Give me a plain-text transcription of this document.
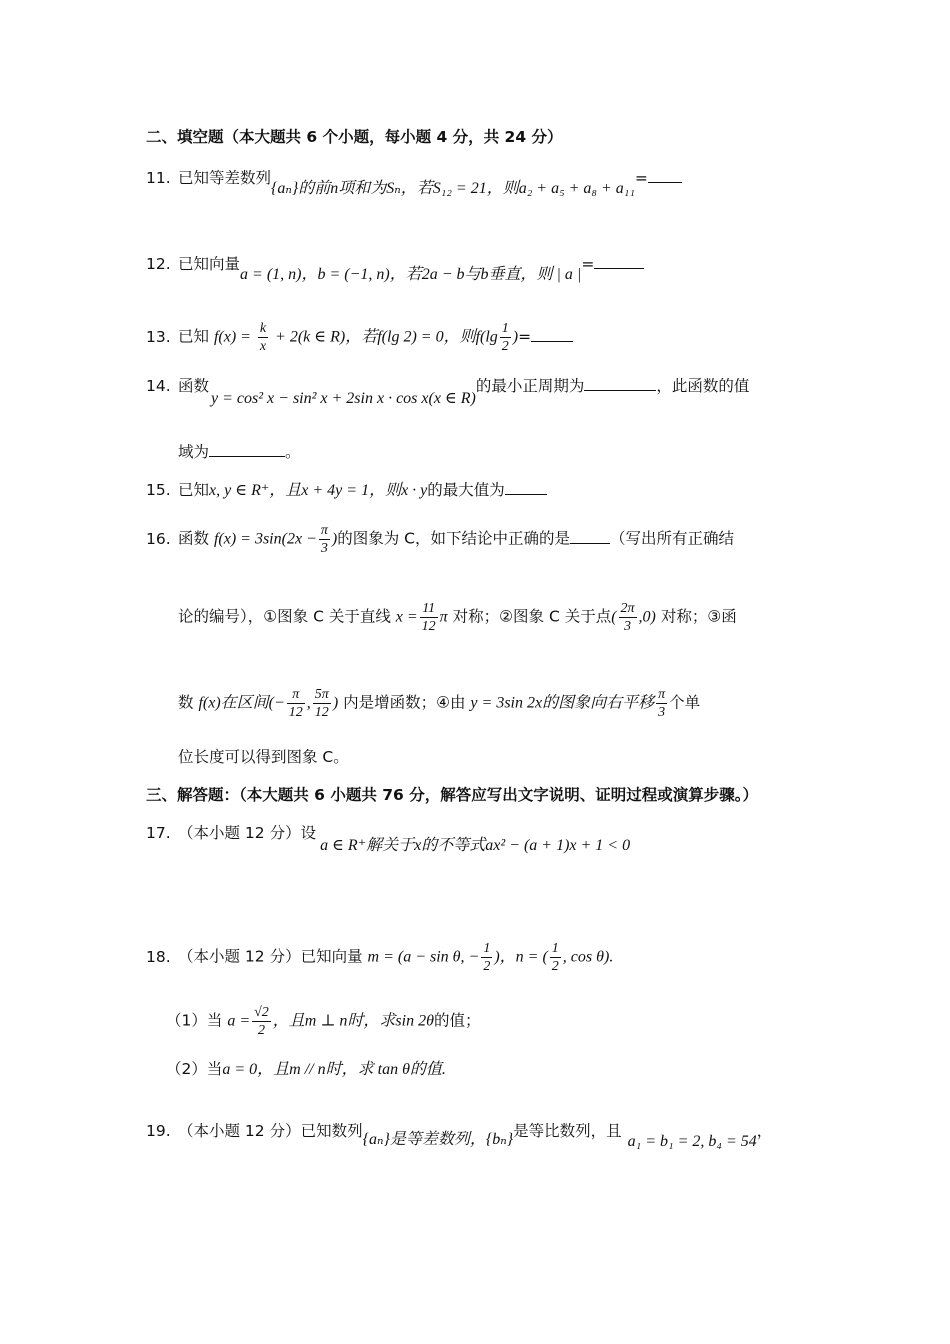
二、填空题（本大题共 6 个小题，每小题 4 分，共 24 分）
11. 已知等差数列{aₙ}的前n项和为Sₙ，若S₁₂ = 21，则a₂ + a₅ + a₈ + a₁₁=
12. 已知向量a = (1, n)，b = (−1, n)，若2a − b与b垂直，则 | a |=
13. 已知 $f(x) = \frac{k}{x} + 2(k$ ∈ R)，若f(lg 2) = 0，则$f(\lg \frac{1}{2}$ )=
14. 函数y = cos² x − sin² x + 2sin x · cos x(x ∈ R)的最小正周期为	，此函数的值
域为	。
15. 已知x, y ∈ R⁺，且x + 4y = 1，则x · y的最大值为
16. 函数 $f(x) = 3\sin(2x - \frac{\pi}{3}$ )的图象为 C，如下结论中正确的是	（写出所有正确结
论的编号），①图象 C 关于直线 $x = \frac{11}{12}$ π 对称；②图象 C 关于点( $\frac{2\pi}{3} ,0$) 对称；③函
数 f(x)在区间(− $\frac{\pi}{12}$ , $\frac{5\pi}{12}$ ) 内是增函数；④由 y = 3sin 2x的图象向右平移 $\frac{\pi}{3}$ 个单
位长度可以得到图象 C。
三、解答题：（本大题共 6 小题共 76 分，解答应写出文字说明、证明过程或演算步骤。）
17. （本小题 12 分）设a ∈ R⁺解关于x的不等式ax² − (a + 1)x + 1 < 0
18. （本小题 12 分）已知向量 m = (a − sin θ, − $\frac{1}{2}$ )，n = ( $\frac{1}{2}$ , cos θ).
（1）当 $a = \frac{√2}{2}$ ，且m ⊥ n时，求sin 2θ的值；
（2）当a = 0，且m // n时，求 tan θ的值.
19. （本小题 12 分）已知数列{aₙ}是等差数列，{bₙ}是等比数列，且a₁ = b₁ = 2, b₄ = 54，
